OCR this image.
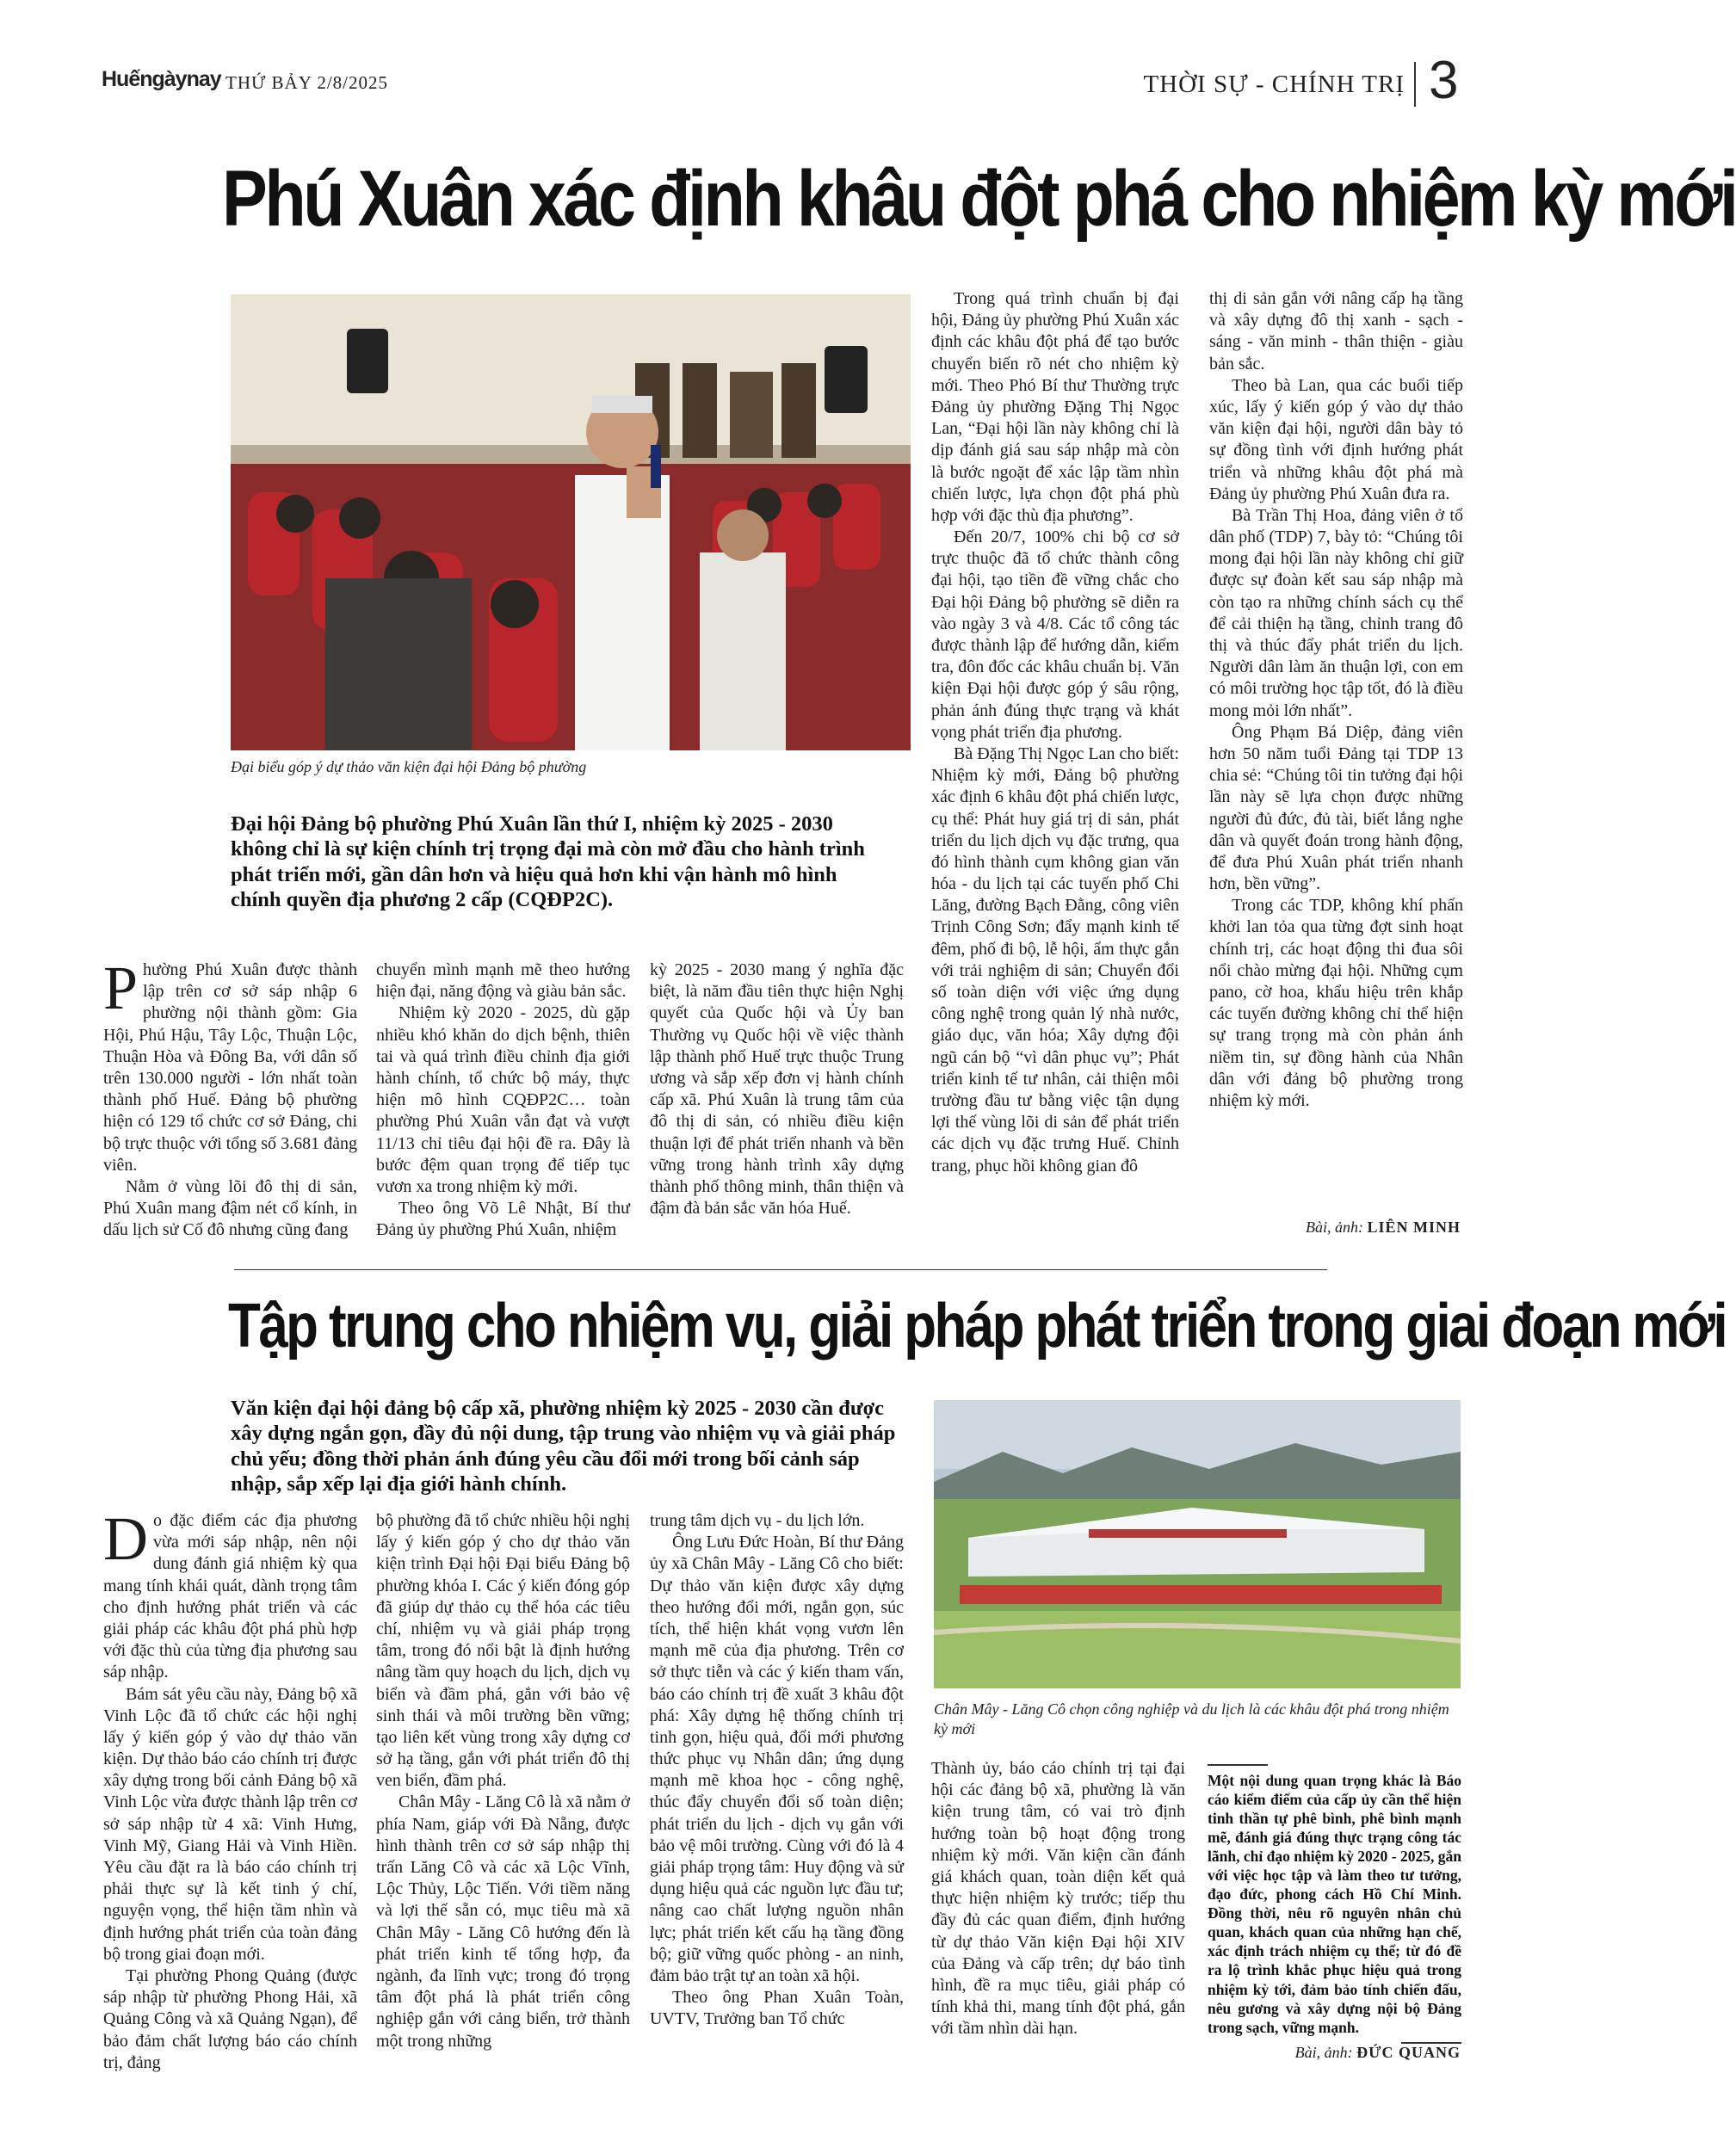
Huếngàynay THỨ BẢY 2/8/2025	THỜI SỰ - CHÍNH TRỊ 3
Phú Xuân xác định khâu đột phá cho nhiệm kỳ mới
Đại biểu góp ý dự thảo văn kiện đại hội Đảng bộ phường
Đại hội Đảng bộ phường Phú Xuân lần thứ I, nhiệm kỳ 2025 - 2030 không chỉ là sự kiện chính trị trọng đại mà còn mở đầu cho hành trình phát triển mới, gần dân hơn và hiệu quả hơn khi vận hành mô hình chính quyền địa phương 2 cấp (CQĐP2C).
P hường Phú Xuân được thành lập trên cơ sở sáp nhập 6 phường nội thành gồm: Gia Hội, Phú Hậu, Tây Lộc, Thuận Lộc, Thuận Hòa và Đông Ba, với dân số trên 130.000 người - lớn nhất toàn thành phố Huế. Đảng bộ phường hiện có 129 tổ chức cơ sở Đảng, chi bộ trực thuộc với tổng số 3.681 đảng viên.

Nằm ở vùng lõi đô thị di sản, Phú Xuân mang đậm nét cổ kính, in dấu lịch sử Cố đô nhưng cũng đang

chuyển mình mạnh mẽ theo hướng hiện đại, năng động và giàu bản sắc.

Nhiệm kỳ 2020 - 2025, dù gặp nhiều khó khăn do dịch bệnh, thiên tai và quá trình điều chỉnh địa giới hành chính, tổ chức bộ máy, thực hiện mô hình CQĐP2C… toàn phường Phú Xuân vẫn đạt và vượt 11/13 chỉ tiêu đại hội đề ra. Đây là bước đệm quan trọng để tiếp tục vươn xa trong nhiệm kỳ mới.

Theo ông Võ Lê Nhật, Bí thư Đảng ủy phường Phú Xuân, nhiệm

kỳ 2025 - 2030 mang ý nghĩa đặc biệt, là năm đầu tiên thực hiện Nghị quyết của Quốc hội và Ủy ban Thường vụ Quốc hội về việc thành lập thành phố Huế trực thuộc Trung ương và sắp xếp đơn vị hành chính cấp xã. Phú Xuân là trung tâm của đô thị di sản, có nhiều điều kiện thuận lợi để phát triển nhanh và bền vững trong hành trình xây dựng thành phố thông minh, thân thiện và đậm đà bản sắc văn hóa Huế.

Trong quá trình chuẩn bị đại hội, Đảng ủy phường Phú Xuân xác định các khâu đột phá để tạo bước chuyển biến rõ nét cho nhiệm kỳ mới. Theo Phó Bí thư Thường trực Đảng ủy phường Đặng Thị Ngọc Lan, “Đại hội lần này không chỉ là dịp đánh giá sau sáp nhập mà còn là bước ngoặt để xác lập tầm nhìn chiến lược, lựa chọn đột phá phù hợp với đặc thù địa phương”.

Đến 20/7, 100% chi bộ cơ sở trực thuộc đã tổ chức thành công đại hội, tạo tiền đề vững chắc cho Đại hội Đảng bộ phường sẽ diễn ra vào ngày 3 và 4/8. Các tổ công tác được thành lập để hướng dẫn, kiểm tra, đôn đốc các khâu chuẩn bị. Văn kiện Đại hội được góp ý sâu rộng, phản ánh đúng thực trạng và khát vọng phát triển địa phương.

Bà Đặng Thị Ngọc Lan cho biết: Nhiệm kỳ mới, Đảng bộ phường xác định 6 khâu đột phá chiến lược, cụ thể: Phát huy giá trị di sản, phát triển du lịch dịch vụ đặc trưng, qua đó hình thành cụm không gian văn hóa - du lịch tại các tuyến phố Chi Lăng, đường Bạch Đằng, công viên Trịnh Công Sơn; đẩy mạnh kinh tế đêm, phố đi bộ, lễ hội, ẩm thực gắn với trải nghiệm di sản; Chuyển đổi số toàn diện với việc ứng dụng công nghệ trong quản lý nhà nước, giáo dục, văn hóa; Xây dựng đội ngũ cán bộ “vì dân phục vụ”; Phát triển kinh tế tư nhân, cải thiện môi trường đầu tư bằng việc tận dụng lợi thế vùng lõi di sản để phát triển các dịch vụ đặc trưng Huế. Chỉnh trang, phục hồi không gian đô

thị di sản gắn với nâng cấp hạ tầng và xây dựng đô thị xanh - sạch - sáng - văn minh - thân thiện - giàu bản sắc.

Theo bà Lan, qua các buổi tiếp xúc, lấy ý kiến góp ý vào dự thảo văn kiện đại hội, người dân bày tỏ sự đồng tình với định hướng phát triển và những khâu đột phá mà Đảng ủy phường Phú Xuân đưa ra.

Bà Trần Thị Hoa, đảng viên ở tổ dân phố (TDP) 7, bày tỏ: “Chúng tôi mong đại hội lần này không chỉ giữ được sự đoàn kết sau sáp nhập mà còn tạo ra những chính sách cụ thể để cải thiện hạ tầng, chỉnh trang đô thị và thúc đẩy phát triển du lịch. Người dân làm ăn thuận lợi, con em có môi trường học tập tốt, đó là điều mong mỏi lớn nhất”.

Ông Phạm Bá Diệp, đảng viên hơn 50 năm tuổi Đảng tại TDP 13 chia sẻ: “Chúng tôi tin tưởng đại hội lần này sẽ lựa chọn được những người đủ đức, đủ tài, biết lắng nghe dân và quyết đoán trong hành động, để đưa Phú Xuân phát triển nhanh hơn, bền vững”.

Trong các TDP, không khí phấn khởi lan tỏa qua từng đợt sinh hoạt chính trị, các hoạt động thi đua sôi nổi chào mừng đại hội. Những cụm pano, cờ hoa, khẩu hiệu trên khắp các tuyến đường không chỉ thể hiện sự trang trọng mà còn phản ánh niềm tin, sự đồng hành của Nhân dân với đảng bộ phường trong nhiệm kỳ mới.

Bài, ảnh: LIÊN MINH
Tập trung cho nhiệm vụ, giải pháp phát triển trong giai đoạn mới
Văn kiện đại hội đảng bộ cấp xã, phường nhiệm kỳ 2025 - 2030 cần được xây dựng ngắn gọn, đầy đủ nội dung, tập trung vào nhiệm vụ và giải pháp chủ yếu; đồng thời phản ánh đúng yêu cầu đổi mới trong bối cảnh sáp nhập, sắp xếp lại địa giới hành chính.
Chân Mây - Lăng Cô chọn công nghiệp và du lịch là các khâu đột phá trong nhiệm kỳ mới
D o đặc điểm các địa phương vừa mới sáp nhập, nên nội dung đánh giá nhiệm kỳ qua mang tính khái quát, dành trọng tâm cho định hướng phát triển và các giải pháp các khâu đột phá phù hợp với đặc thù của từng địa phương sau sáp nhập.

Bám sát yêu cầu này, Đảng bộ xã Vinh Lộc đã tổ chức các hội nghị lấy ý kiến góp ý vào dự thảo văn kiện. Dự thảo báo cáo chính trị được xây dựng trong bối cảnh Đảng bộ xã Vinh Lộc vừa được thành lập trên cơ sở sáp nhập từ 4 xã: Vinh Hưng, Vinh Mỹ, Giang Hải và Vinh Hiền. Yêu cầu đặt ra là báo cáo chính trị phải thực sự là kết tinh ý chí, nguyện vọng, thể hiện tầm nhìn và định hướng phát triển của toàn đảng bộ trong giai đoạn mới.

Tại phường Phong Quảng (được sáp nhập từ phường Phong Hải, xã Quảng Công và xã Quảng Ngạn), để bảo đảm chất lượng báo cáo chính trị, đảng

bộ phường đã tổ chức nhiều hội nghị lấy ý kiến góp ý cho dự thảo văn kiện trình Đại hội Đại biểu Đảng bộ phường khóa I. Các ý kiến đóng góp đã giúp dự thảo cụ thể hóa các tiêu chí, nhiệm vụ và giải pháp trọng tâm, trong đó nổi bật là định hướng nâng tầm quy hoạch du lịch, dịch vụ biển và đầm phá, gắn với bảo vệ sinh thái và môi trường bền vững; tạo liên kết vùng trong xây dựng cơ sở hạ tầng, gắn với phát triển đô thị ven biển, đầm phá.

Chân Mây - Lăng Cô là xã nằm ở phía Nam, giáp với Đà Nẵng, được hình thành trên cơ sở sáp nhập thị trấn Lăng Cô và các xã Lộc Vĩnh, Lộc Thủy, Lộc Tiến. Với tiềm năng và lợi thế sẵn có, mục tiêu mà xã Chân Mây - Lăng Cô hướng đến là phát triển kinh tế tổng hợp, đa ngành, đa lĩnh vực; trong đó trọng tâm đột phá là phát triển công nghiệp gắn với cảng biển, trở thành một trong những

trung tâm dịch vụ - du lịch lớn.

Ông Lưu Đức Hoàn, Bí thư Đảng ủy xã Chân Mây - Lăng Cô cho biết: Dự thảo văn kiện được xây dựng theo hướng đổi mới, ngắn gọn, súc tích, thể hiện khát vọng vươn lên mạnh mẽ của địa phương. Trên cơ sở thực tiễn và các ý kiến tham vấn, báo cáo chính trị đề xuất 3 khâu đột phá: Xây dựng hệ thống chính trị tinh gọn, hiệu quả, đổi mới phương thức phục vụ Nhân dân; ứng dụng mạnh mẽ khoa học - công nghệ, thúc đẩy chuyển đổi số toàn diện; phát triển du lịch - dịch vụ gắn với bảo vệ môi trường. Cùng với đó là 4 giải pháp trọng tâm: Huy động và sử dụng hiệu quả các nguồn lực đầu tư; nâng cao chất lượng nguồn nhân lực; phát triển kết cấu hạ tầng đồng bộ; giữ vững quốc phòng - an ninh, đảm bảo trật tự an toàn xã hội.

Theo ông Phan Xuân Toàn, UVTV, Trưởng ban Tổ chức

Thành ủy, báo cáo chính trị tại đại hội các đảng bộ xã, phường là văn kiện trung tâm, có vai trò định hướng toàn bộ hoạt động trong nhiệm kỳ mới. Văn kiện cần đánh giá khách quan, toàn diện kết quả thực hiện nhiệm kỳ trước; tiếp thu đầy đủ các quan điểm, định hướng từ dự thảo Văn kiện Đại hội XIV của Đảng và cấp trên; dự báo tình hình, đề ra mục tiêu, giải pháp có tính khả thi, mang tính đột phá, gắn với tầm nhìn dài hạn.

Một nội dung quan trọng khác là Báo cáo kiểm điểm của cấp ủy cần thể hiện tinh thần tự phê bình, phê bình mạnh mẽ, đánh giá đúng thực trạng công tác lãnh, chỉ đạo nhiệm kỳ 2020 - 2025, gắn với việc học tập và làm theo tư tưởng, đạo đức, phong cách Hồ Chí Minh. Đồng thời, nêu rõ nguyên nhân chủ quan, khách quan của những hạn chế, xác định trách nhiệm cụ thể; từ đó đề ra lộ trình khắc phục hiệu quả trong nhiệm kỳ tới, đảm bảo tính chiến đấu, nêu gương và xây dựng nội bộ Đảng trong sạch, vững mạnh.
Bài, ảnh: ĐỨC QUANG
